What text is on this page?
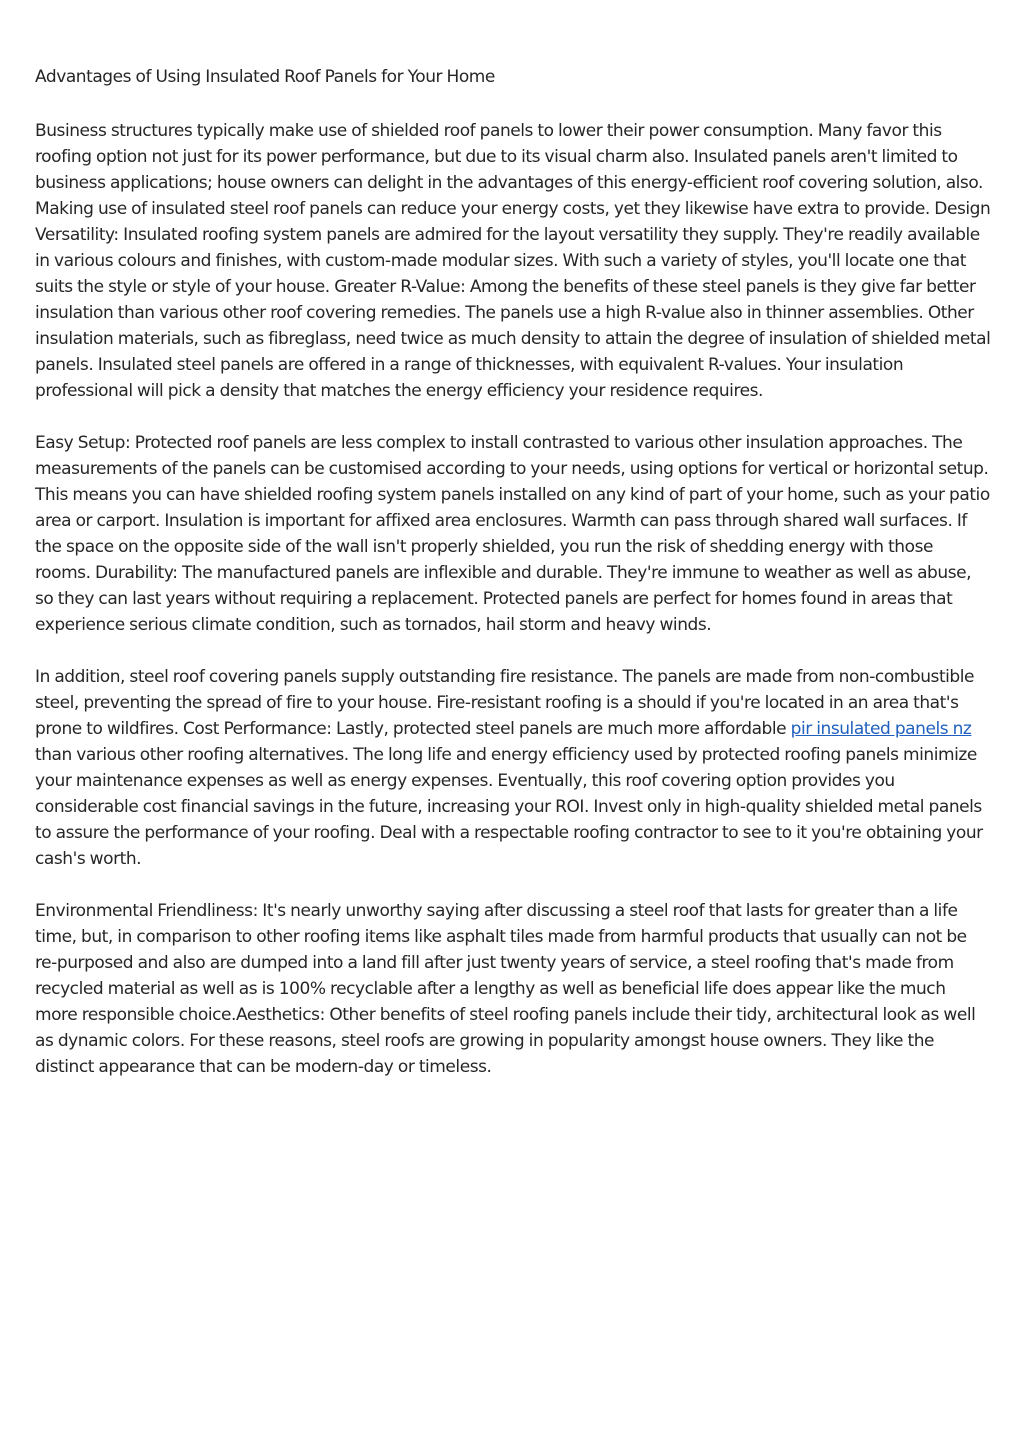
Advantages of Using Insulated Roof Panels for Your Home

Business structures typically make use of shielded roof panels to lower their power consumption. Many favor this roofing option not just for its power performance, but due to its visual charm also. Insulated panels aren't limited to business applications; house owners can delight in the advantages of this energy-efficient roof covering solution, also. Making use of insulated steel roof panels can reduce your energy costs, yet they likewise have extra to provide. Design Versatility: Insulated roofing system panels are admired for the layout versatility they supply. They're readily available in various colours and finishes, with custom-made modular sizes. With such a variety of styles, you'll locate one that suits the style or style of your house. Greater R-Value: Among the benefits of these steel panels is they give far better insulation than various other roof covering remedies. The panels use a high R-value also in thinner assemblies. Other insulation materials, such as fibreglass, need twice as much density to attain the degree of insulation of shielded metal panels. Insulated steel panels are offered in a range of thicknesses, with equivalent R-values. Your insulation professional will pick a density that matches the energy efficiency your residence requires.

Easy Setup: Protected roof panels are less complex to install contrasted to various other insulation approaches. The measurements of the panels can be customised according to your needs, using options for vertical or horizontal setup. This means you can have shielded roofing system panels installed on any kind of part of your home, such as your patio area or carport. Insulation is important for affixed area enclosures. Warmth can pass through shared wall surfaces. If the space on the opposite side of the wall isn't properly shielded, you run the risk of shedding energy with those rooms. Durability: The manufactured panels are inflexible and durable. They're immune to weather as well as abuse, so they can last years without requiring a replacement. Protected panels are perfect for homes found in areas that experience serious climate condition, such as tornados, hail storm and heavy winds.

In addition, steel roof covering panels supply outstanding fire resistance. The panels are made from non-combustible steel, preventing the spread of fire to your house. Fire-resistant roofing is a should if you're located in an area that's prone to wildfires. Cost Performance: Lastly, protected steel panels are much more affordable pir insulated panels nz than various other roofing alternatives. The long life and energy efficiency used by protected roofing panels minimize your maintenance expenses as well as energy expenses. Eventually, this roof covering option provides you considerable cost financial savings in the future, increasing your ROI. Invest only in high-quality shielded metal panels to assure the performance of your roofing. Deal with a respectable roofing contractor to see to it you're obtaining your cash's worth.

Environmental Friendliness: It's nearly unworthy saying after discussing a steel roof that lasts for greater than a life time, but, in comparison to other roofing items like asphalt tiles made from harmful products that usually can not be re-purposed and also are dumped into a land fill after just twenty years of service, a steel roofing that's made from recycled material as well as is 100% recyclable after a lengthy as well as beneficial life does appear like the much more responsible choice.Aesthetics: Other benefits of steel roofing panels include their tidy, architectural look as well as dynamic colors. For these reasons, steel roofs are growing in popularity amongst house owners. They like the distinct appearance that can be modern-day or timeless.
